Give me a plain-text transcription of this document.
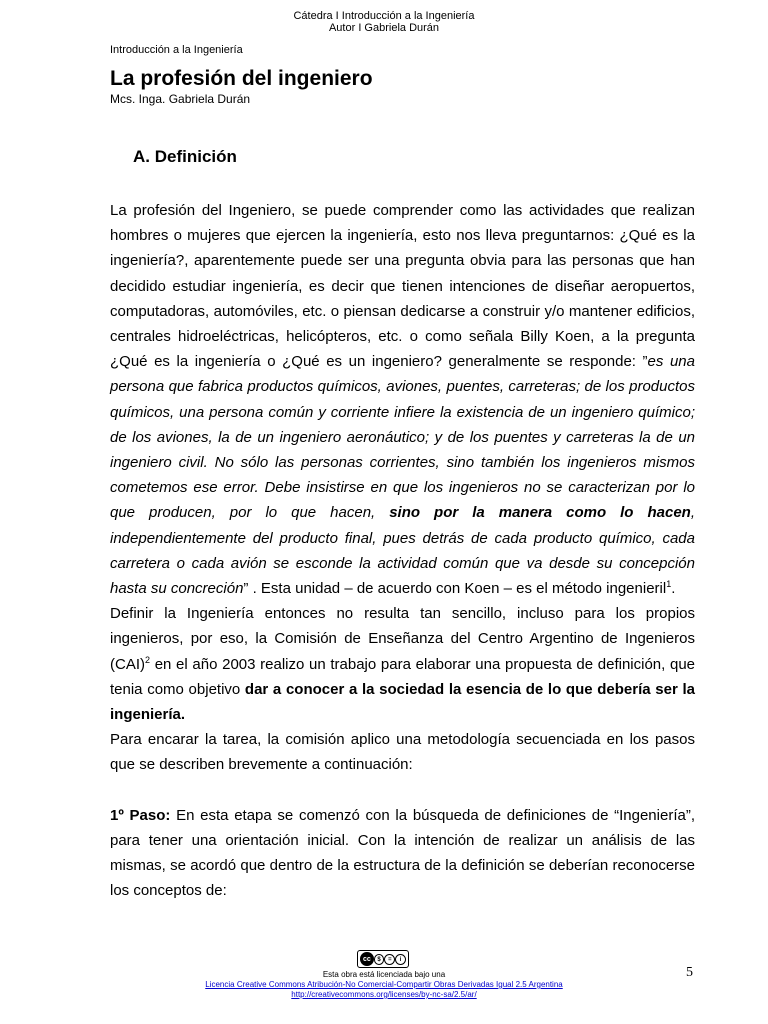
Cátedra I Introducción a la Ingeniería
Autor I Gabriela Durán
Introducción a la Ingeniería
La profesión del ingeniero
Mcs. Inga. Gabriela Durán
A. Definición

La profesión del Ingeniero, se puede comprender como las actividades que realizan hombres o mujeres que ejercen la ingeniería, esto nos lleva preguntarnos: ¿Qué es la ingeniería?, aparentemente puede ser una pregunta obvia para las personas que han decidido estudiar ingeniería, es decir que tienen intenciones de diseñar aeropuertos, computadoras, automóviles, etc. o piensan dedicarse a construir y/o mantener edificios, centrales hidroeléctricas, helicópteros, etc. o como señala Billy Koen, a la pregunta ¿Qué es la ingeniería o ¿Qué es un ingeniero? generalmente se responde: ”es una persona que fabrica productos químicos, aviones, puentes, carreteras; de los productos químicos, una persona común y corriente infiere la existencia de un ingeniero químico; de los aviones, la de un ingeniero aeronáutico; y de los puentes y carreteras la de un ingeniero civil. No sólo las personas corrientes, sino también los ingenieros mismos cometemos ese error. Debe insistirse en que los ingenieros no se caracterizan por lo que producen, por lo que hacen, sino por la manera como lo hacen, independientemente del producto final, pues detrás de cada producto químico, cada carretera o cada avión se esconde la actividad común que va desde su concepción hasta su concreción” . Esta unidad – de acuerdo con Koen – es el método ingenieril$^1$.

Definir la Ingeniería entonces no resulta tan sencillo, incluso para los propios ingenieros, por eso, la Comisión de Enseñanza del Centro Argentino de Ingenieros (CAI)$^2$ en el año 2003 realizo un trabajo para elaborar una propuesta de definición, que tenia como objetivo dar a conocer a la sociedad la esencia de lo que debería ser la ingeniería.

Para encarar la tarea, la comisión aplico una metodología secuenciada en los pasos que se describen brevemente a continuación:

1º Paso: En esta etapa se comenzó con la búsqueda de definiciones de “Ingeniería”, para tener una orientación inicial. Con la intención de realizar un análisis de las mismas, se acordó que dentro de la estructura de la definición se deberían reconocerse los conceptos de:

cc	$	=	i
Esta obra está licenciada bajo una
Licencia Creative Commons Atribución-No Comercial-Compartir Obras Derivadas Igual 2.5 Argentina
http://creativecommons.org/licenses/by-nc-sa/2.5/ar/
5
